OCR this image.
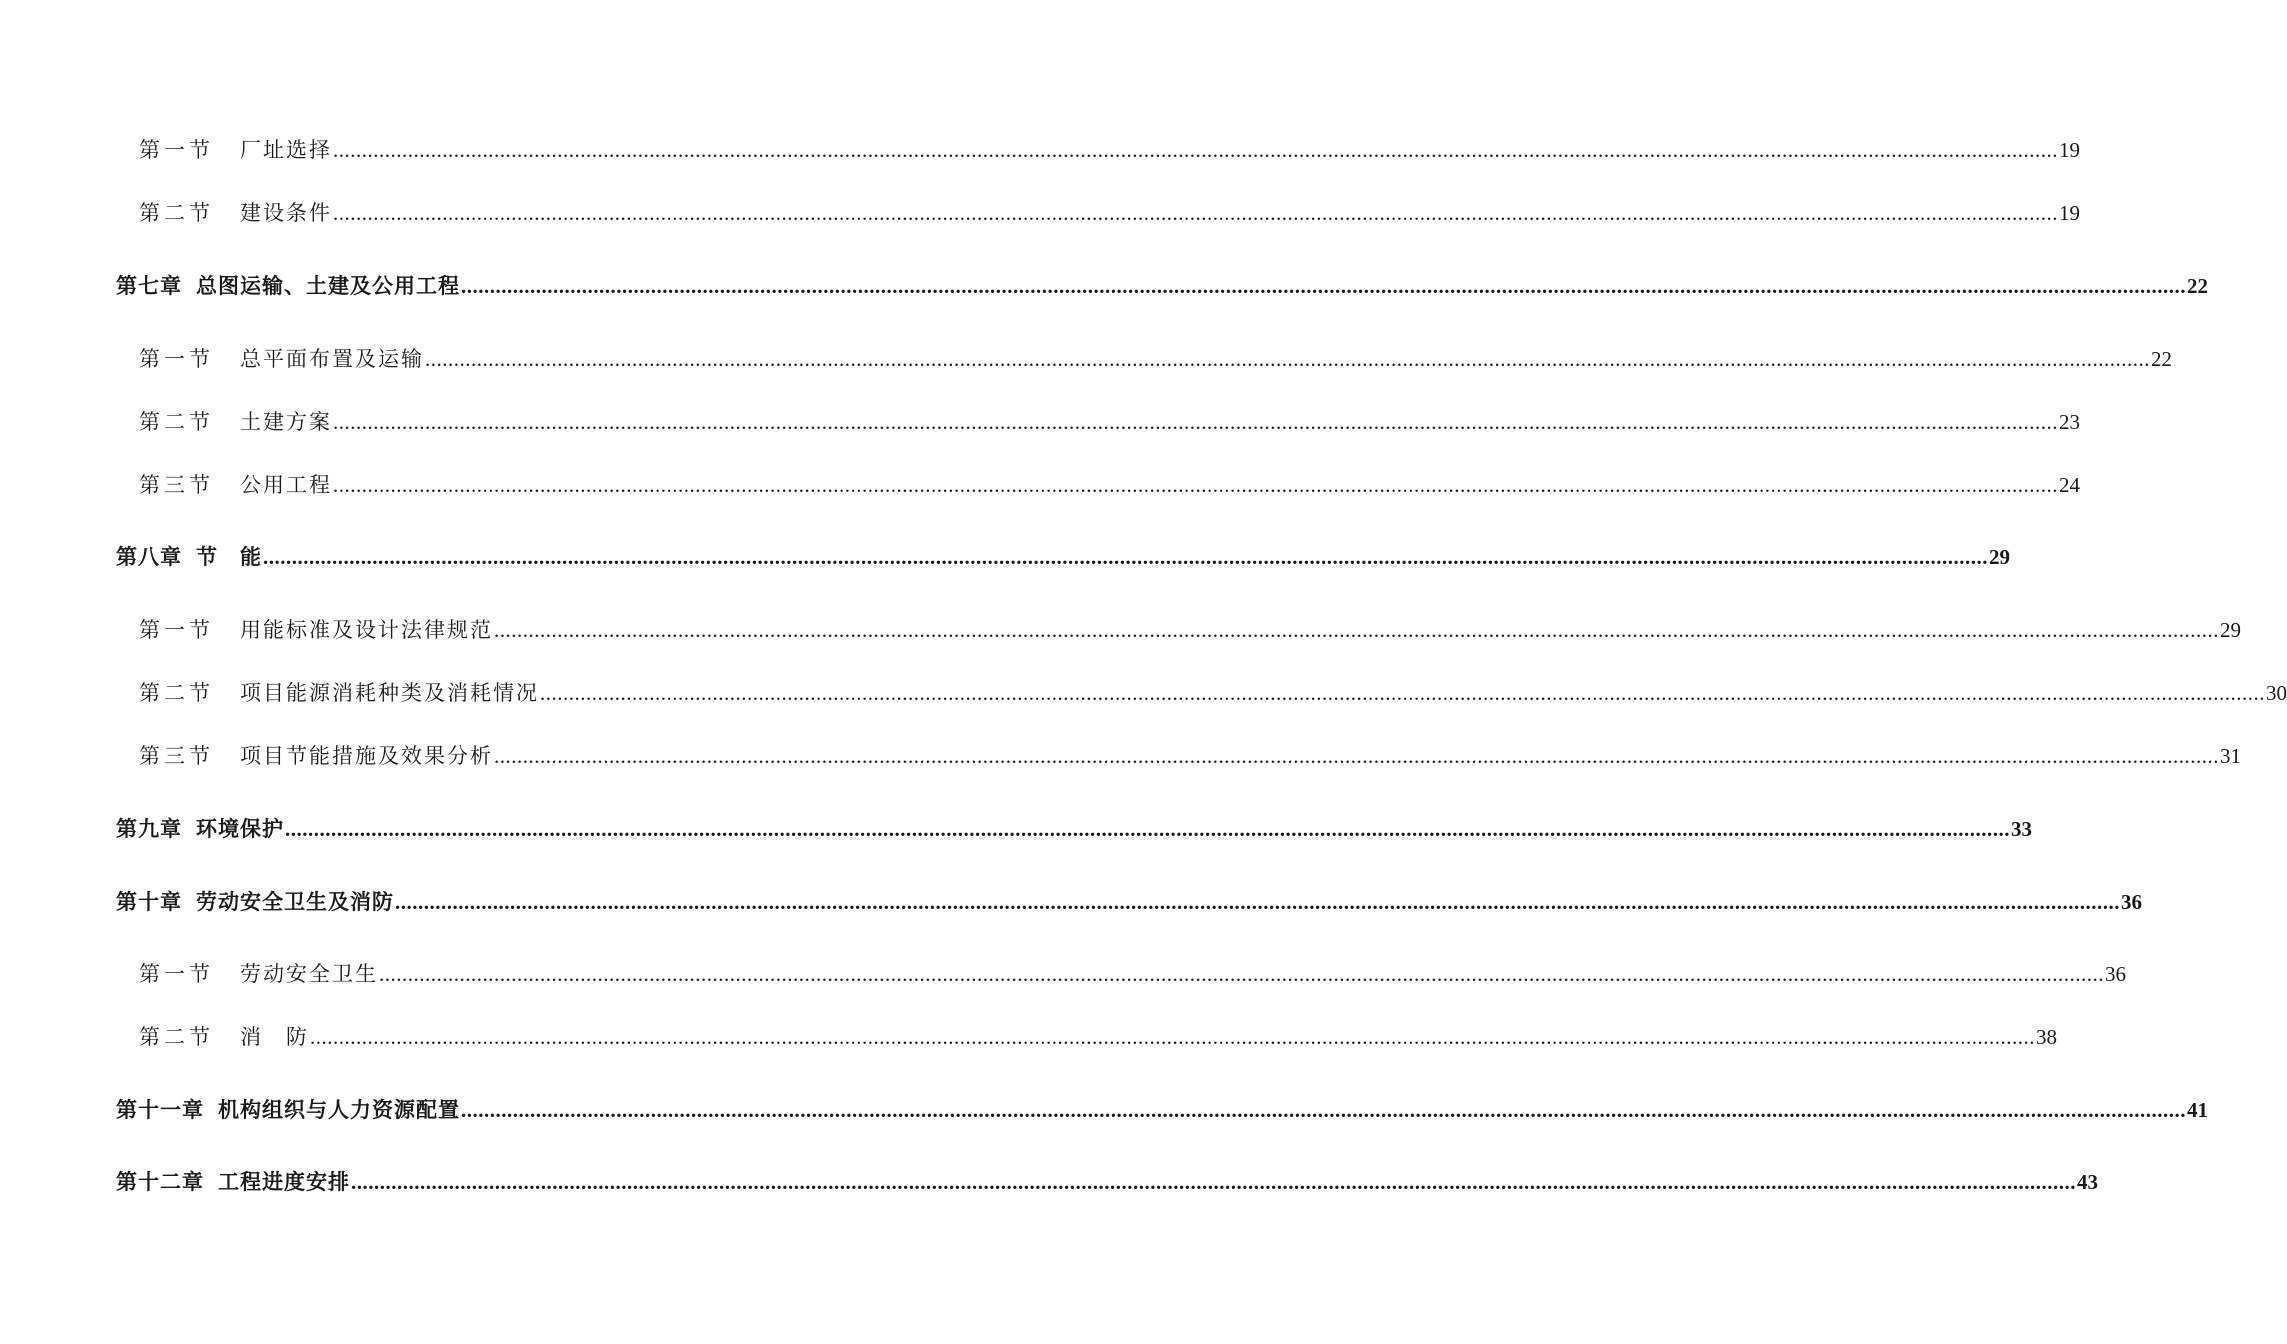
第一节 厂址选择 ............................................................................................................................................................................................................................................................................................................ 19
第二节 建设条件 ............................................................................................................................................................................................................................................................................................................ 19
第七章 总图运输、土建及公用工程 ............................................................................................................................................................................................................................................................................................................ 22
第一节 总平面布置及运输 ............................................................................................................................................................................................................................................................................................................ 22
第二节 土建方案 ............................................................................................................................................................................................................................................................................................................ 23
第三节 公用工程 ............................................................................................................................................................................................................................................................................................................ 24
第八章 节　能 ............................................................................................................................................................................................................................................................................................................ 29
第一节 用能标准及设计法律规范 ............................................................................................................................................................................................................................................................................................................ 29
第二节 项目能源消耗种类及消耗情况 ............................................................................................................................................................................................................................................................................................................ 30
第三节 项目节能措施及效果分析 ............................................................................................................................................................................................................................................................................................................ 31
第九章 环境保护 ............................................................................................................................................................................................................................................................................................................ 33
第十章 劳动安全卫生及消防 ............................................................................................................................................................................................................................................................................................................ 36
第一节 劳动安全卫生 ............................................................................................................................................................................................................................................................................................................ 36
第二节 消　防 ............................................................................................................................................................................................................................................................................................................ 38
第十一章 机构组织与人力资源配置 ............................................................................................................................................................................................................................................................................................................ 41
第十二章 工程进度安排 ............................................................................................................................................................................................................................................................................................................ 43
